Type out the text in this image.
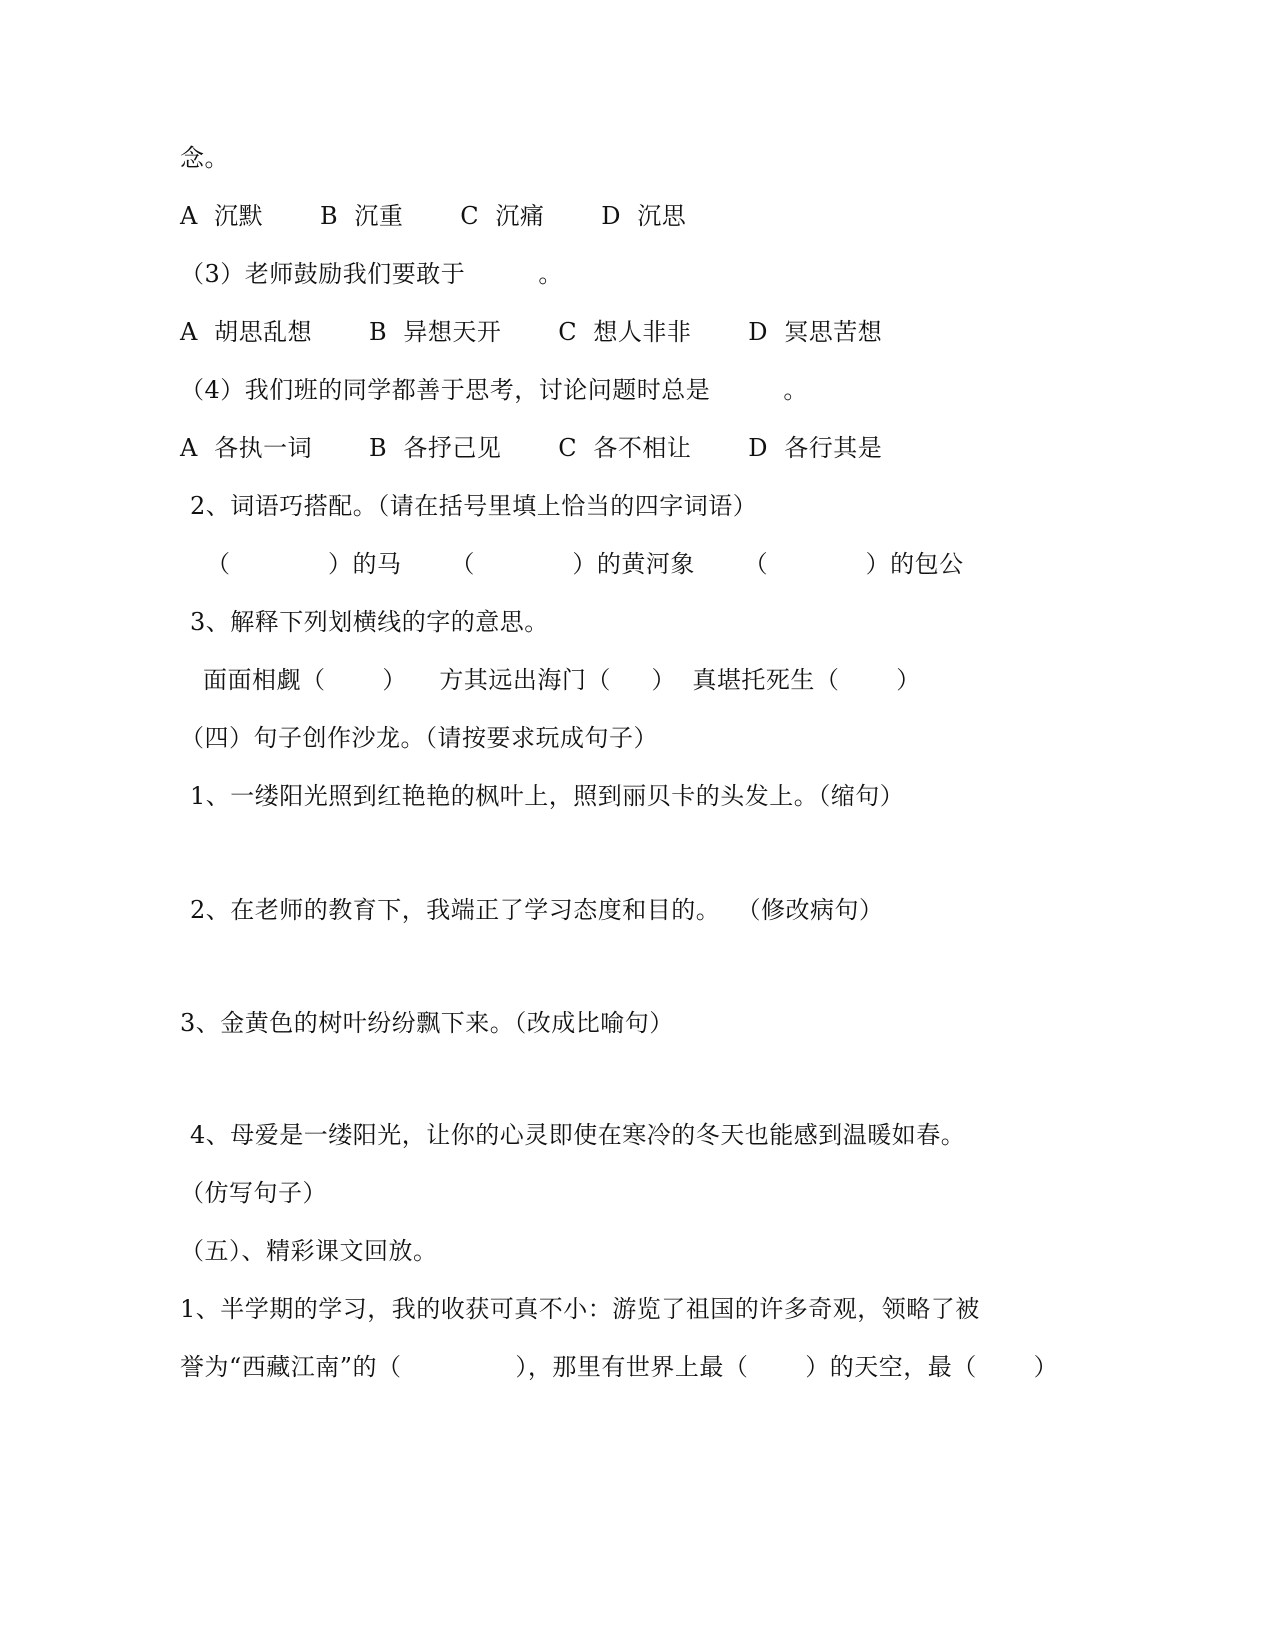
念。
A  沉默       B  沉重       C  沉痛       D  沉思
（3）老师鼓励我们要敢于         。
A  胡思乱想       B  异想天开       C  想人非非       D  冥思苦想
（4）我们班的同学都善于思考，讨论问题时总是         。
A  各执一词       B  各抒己见       C  各不相让       D  各行其是
2、词语巧搭配。（请在括号里填上恰当的四字词语）
（            ）的马      （            ）的黄河象      （            ）的包公
3、解释下列划横线的字的意思。
面面相觑（       ）    方其远出海门（     ）  真堪托死生（       ）
（四）句子创作沙龙。（请按要求玩成句子）
1、一缕阳光照到红艳艳的枫叶上，照到丽贝卡的头发上。（缩句）
2、在老师的教育下，我端正了学习态度和目的。  （修改病句）
3、金黄色的树叶纷纷飘下来。（改成比喻句）
4、母爱是一缕阳光，让你的心灵即使在寒冷的冬天也能感到温暖如春。
（仿写句子）
（五）、精彩课文回放。
1、半学期的学习，我的收获可真不小：游览了祖国的许多奇观，领略了被
誉为“西藏江南”的（              ），那里有世界上最（       ）的天空，最（       ）
